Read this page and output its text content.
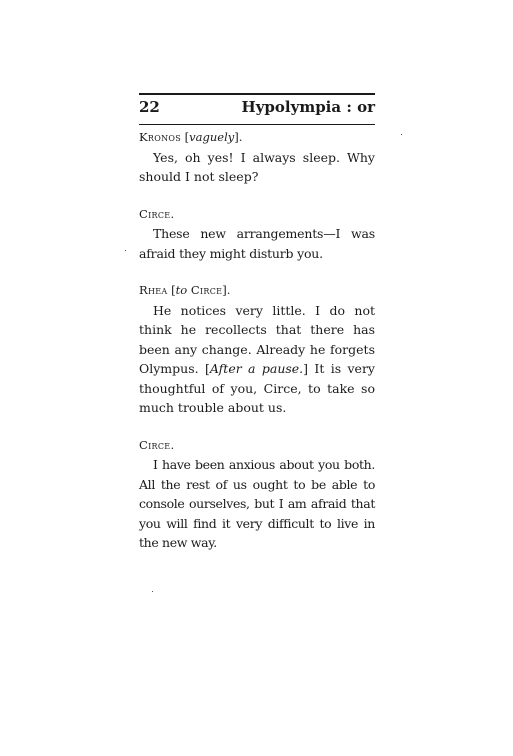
22	Hypolympia : or

Kronos [vaguely].

Yes, oh yes! I always sleep. Why should I not sleep?

Circe.

These new arrangements—I was afraid they might disturb you.

Rhea [to Circe].

He notices very little. I do not think he recollects that there has been any change. Already he forgets Olympus. [After a pause.] It is very thoughtful of you, Circe, to take so much trouble about us.

Circe.

I have been anxious about you both. All the rest of us ought to be able to console ourselves, but I am afraid that you will find it very difficult to live in the new way.
